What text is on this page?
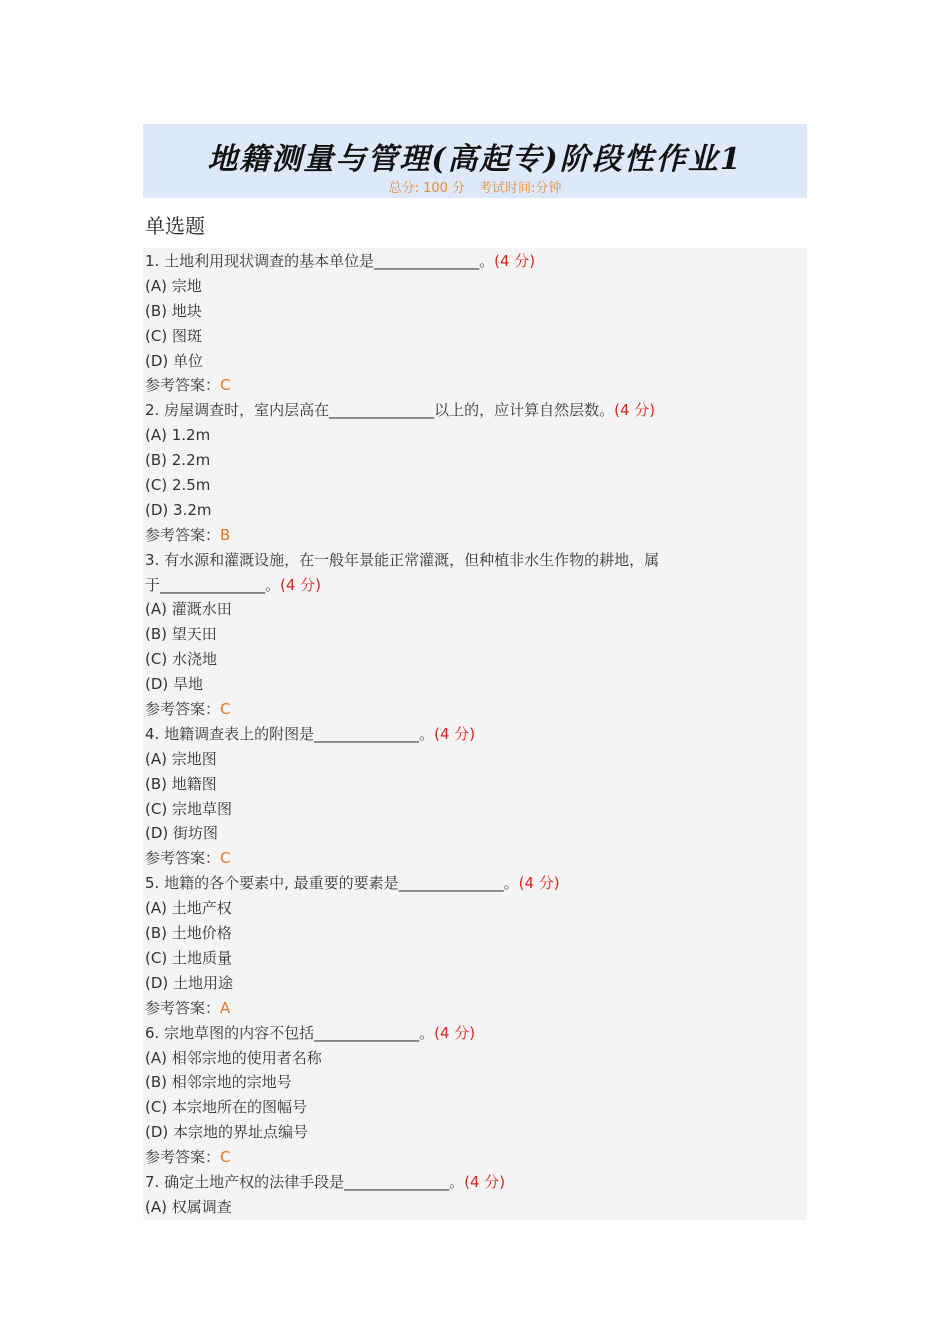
地籍测量与管理(高起专)阶段性作业1
总分: 100 分 考试时间:分钟
单选题
1. 土地利用现状调查的基本单位是______________。(4 分)
(A) 宗地
(B) 地块
(C) 图斑
(D) 单位
参考答案：C
2. 房屋调查时，室内层高在______________以上的，应计算自然层数。(4 分)
(A) 1.2m
(B) 2.2m
(C) 2.5m
(D) 3.2m
参考答案：B
3. 有水源和灌溉设施，在一般年景能正常灌溉，但种植非水生作物的耕地，属
于______________。(4 分)
(A) 灌溉水田
(B) 望天田
(C) 水浇地
(D) 旱地
参考答案：C
4. 地籍调查表上的附图是______________。(4 分)
(A) 宗地图
(B) 地籍图
(C) 宗地草图
(D) 街坊图
参考答案：C
5. 地籍的各个要素中, 最重要的要素是______________。(4 分)
(A) 土地产权
(B) 土地价格
(C) 土地质量
(D) 土地用途
参考答案：A
6. 宗地草图的内容不包括______________。(4 分)
(A) 相邻宗地的使用者名称
(B) 相邻宗地的宗地号
(C) 本宗地所在的图幅号
(D) 本宗地的界址点编号
参考答案：C
7. 确定土地产权的法律手段是______________。(4 分)
(A) 权属调查
